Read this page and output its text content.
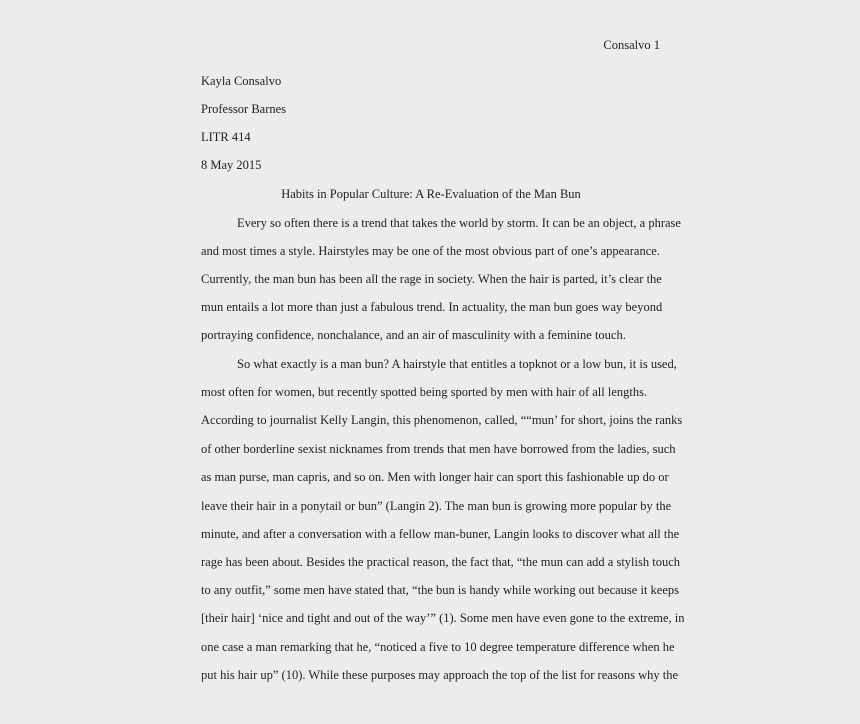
Consalvo 1
Kayla Consalvo
Professor Barnes
LITR 414
8 May 2015
Habits in Popular Culture: A Re-Evaluation of the Man Bun
Every so often there is a trend that takes the world by storm. It can be an object, a phrase
and most times a style. Hairstyles may be one of the most obvious part of one’s appearance.
Currently, the man bun has been all the rage in society. When the hair is parted, it’s clear the
mun entails a lot more than just a fabulous trend. In actuality, the man bun goes way beyond
portraying confidence, nonchalance, and an air of masculinity with a feminine touch.
So what exactly is a man bun? A hairstyle that entitles a topknot or a low bun, it is used,
most often for women, but recently spotted being sported by men with hair of all lengths.
According to journalist Kelly Langin, this phenomenon, called, ““mun’ for short, joins the ranks
of other borderline sexist nicknames from trends that men have borrowed from the ladies, such
as man purse, man capris, and so on. Men with longer hair can sport this fashionable up do or
leave their hair in a ponytail or bun” (Langin 2). The man bun is growing more popular by the
minute, and after a conversation with a fellow man-buner, Langin looks to discover what all the
rage has been about. Besides the practical reason, the fact that, “the mun can add a stylish touch
to any outfit,” some men have stated that, “the bun is handy while working out because it keeps
[their hair] ‘nice and tight and out of the way’” (1). Some men have even gone to the extreme, in
one case a man remarking that he, “noticed a five to 10 degree temperature difference when he
put his hair up” (10). While these purposes may approach the top of the list for reasons why the
